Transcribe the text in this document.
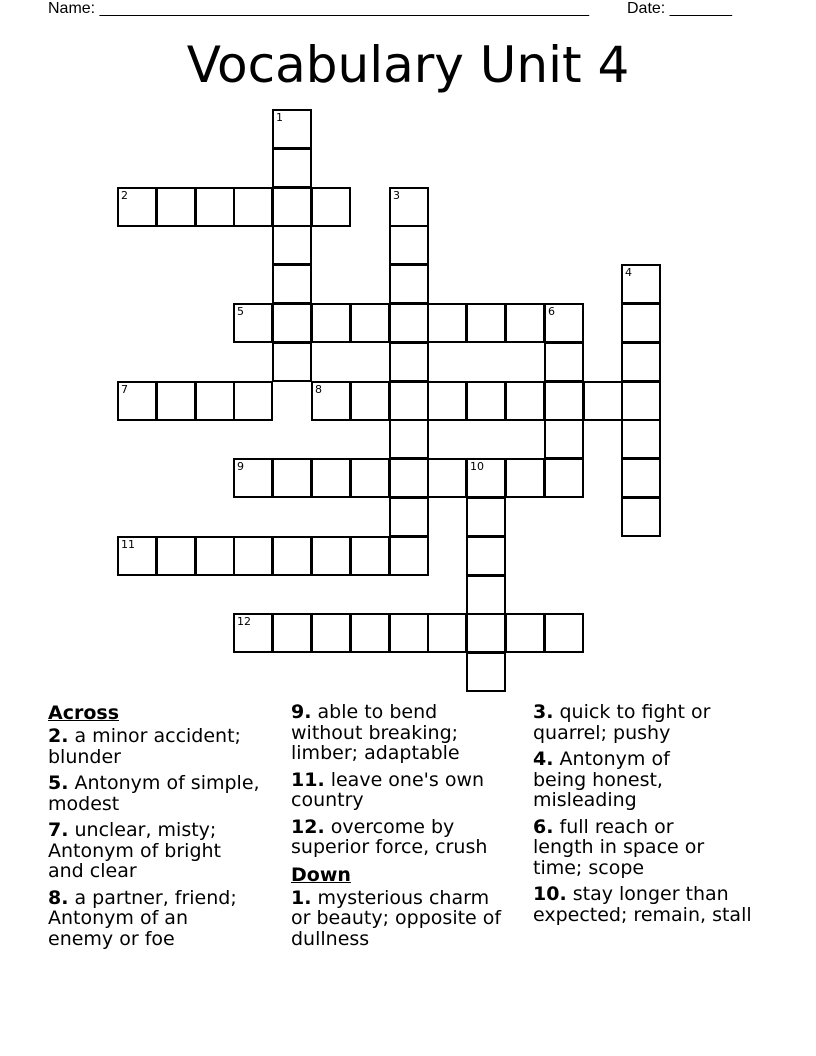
Name: _______________________________________________________ Date: _______
Vocabulary Unit 4
1
2	3
4
5	6
7	8
9	10
11
12
Across
2. a minor accident; blunder
5. Antonym of simple, modest
7. unclear, misty; Antonym of bright and clear
8. a partner, friend; Antonym of an enemy or foe
9. able to bend without breaking; limber; adaptable
11. leave one's own country
12. overcome by superior force, crush
Down
1. mysterious charm or beauty; opposite of dullness
3. quick to fight or quarrel; pushy
4. Antonym of being honest, misleading
6. full reach or length in space or time; scope
10. stay longer than expected; remain, stall
